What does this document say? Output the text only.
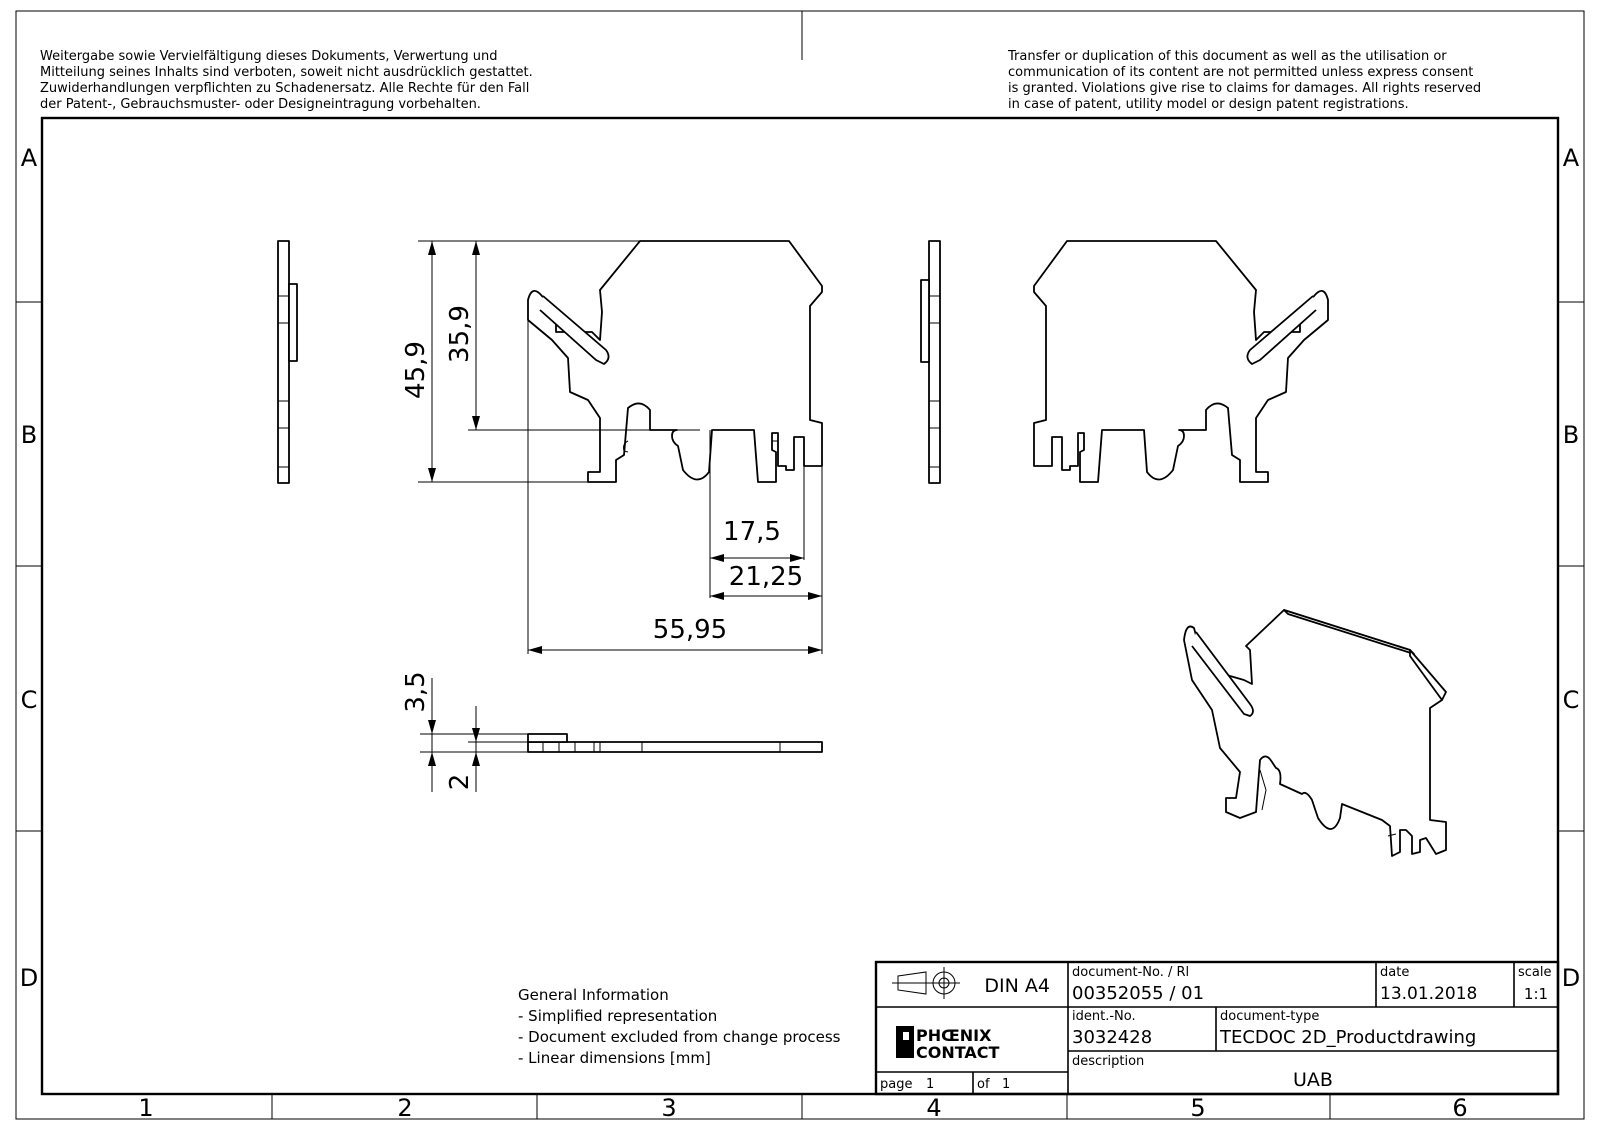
A
B
C
D
A
B
C
D
1	2	3	4	5	6
Weitergabe sowie Vervielfältigung dieses Dokuments, Verwertung und
Mitteilung seines Inhalts sind verboten, soweit nicht ausdrücklich gestattet.
Zuwiderhandlungen verpflichten zu Schadenersatz. Alle Rechte für den Fall
der Patent-, Gebrauchsmuster- oder Designeintragung vorbehalten.
Transfer or duplication of this document as well as the utilisation or
communication of its content are not permitted unless express consent
is granted. Violations give rise to claims for damages. All rights reserved
in case of patent, utility model or design patent registrations.
45,9
35,9
17,5
21,25
55,95
3,5
2
General Information
- Simplified representation
- Document excluded from change process
- Linear dimensions [mm]
DIN A4
PHŒNIX
CONTACT
document-No. / Rl
00352055 / 01
date
13.01.2018
scale
1:1
ident.-No.
3032428
document-type
TECDOC 2D_Productdrawing
description
UAB
page 1	of 1
